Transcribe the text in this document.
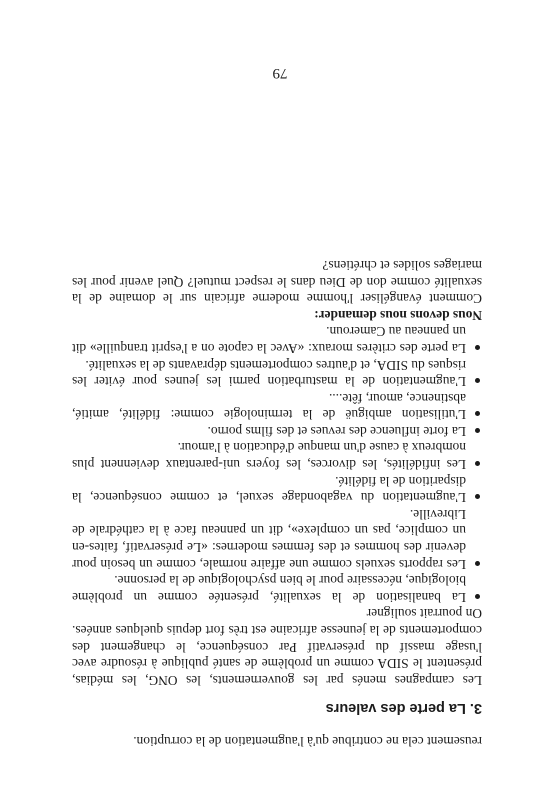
reusement cela ne contribue qu'à l'augmentation de la corruption.

3. La perte des valeurs

Les campagnes menés par les gouvernements, les ONG, les médias, présentent le SIDA comme un problème de santé publique à résoudre avec l'usage massif du préservatif Par conséquence, le changement des comportements de la jeunesse africaine est très fort depuis quelques années. On pourrait souligner

La banalisation de la sexualité, présentée comme un problème biologique, nécessaire pour le bien psychologique de la personne.
Les rapports sexuels comme une affaire normale, comme un besoin pour devenir des hommes et des femmes modernes: «Le préservatif, faites-en un complice, pas un complexe», dit un panneau face à la cathédrale de Libreville.
L'augmentation du vagabondage sexuel, et comme conséquence, la disparition de la fidélité.
Les infidélités, les divorces, les foyers uni-parentaux deviennent plus nombreux à cause d'un manque d'éducation à l'amour.
La forte influence des revues et des films porno.
L'utilisation ambiguë de la terminologie comme: fidélité, amitié, abstinence, amour, fête....
L'augmentation de la masturbation parmi les jeunes pour éviter les risques du SIDA, et d'autres comportements dépravants de la sexualité.
La perte des critères moraux: «Avec la capote on a l'esprit tranquille» dit un panneau au Cameroun.

Nous devons nous demander:

Comment évangéliser l'homme moderne africain sur le domaine de la sexualité comme don de Dieu dans le respect mutuel? Quel avenir pour les mariages solides et chrétiens?

79
